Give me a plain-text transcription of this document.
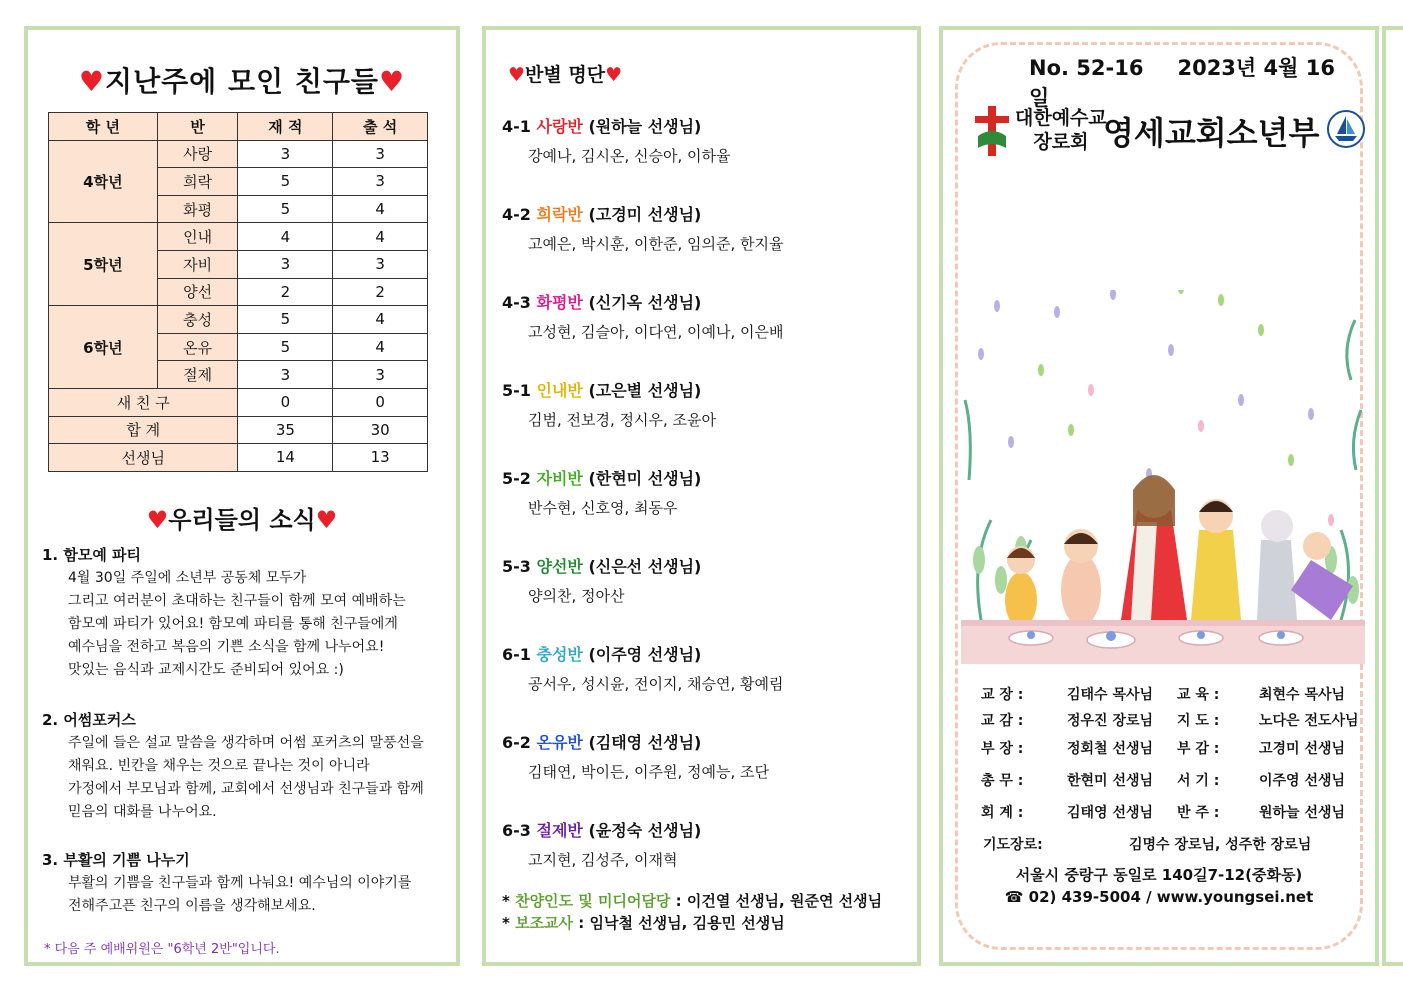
♥지난주에 모인 친구들♥
학 년	반	재 적	출 석
4학년	사랑	3	3
	희락	5	3
	화평	5	4
5학년	인내	4	4
	자비	3	3
	양선	2	2
6학년	충성	5	4
	온유	5	4
	절제	3	3
새 친 구		0	0
합 계		35	30
선생님		14	13
♥우리들의 소식♥
1. 함모예 파티
4월 30일 주일에 소년부 공동체 모두가
그리고 여러분이 초대하는 친구들이 함께 모여 예배하는
함모예 파티가 있어요! 함모예 파티를 통해 친구들에게
예수님을 전하고 복음의 기쁜 소식을 함께 나누어요!
맛있는 음식과 교제시간도 준비되어 있어요 :)
2. 어썸포커스
주일에 들은 설교 말씀을 생각하며 어썸 포커츠의 말풍선을
채워요. 빈칸을 채우는 것으로 끝나는 것이 아니라
가정에서 부모님과 함께, 교회에서 선생님과 친구들과 함께
믿음의 대화를 나누어요.
3. 부활의 기쁨 나누기
부활의 기쁨을 친구들과 함께 나눠요! 예수님의 이야기를
전해주고픈 친구의 이름을 생각해보세요.
* 다음 주 예배위원은 "6학년 2반"입니다.
♥반별 명단♥
4-1 사랑반 (원하늘 선생님)
강예나, 김시온, 신승아, 이하율
4-2 희락반 (고경미 선생님)
고예은, 박시훈, 이한준, 임의준, 한지율
4-3 화평반 (신기옥 선생님)
고성현, 김슬아, 이다연, 이예나, 이은배
5-1 인내반 (고은별 선생님)
김범, 전보경, 정시우, 조윤아
5-2 자비반 (한현미 선생님)
반수현, 신호영, 최동우
5-3 양선반 (신은선 선생님)
양의찬, 정아산
6-1 충성반 (이주영 선생님)
공서우, 성시윤, 전이지, 채승연, 황예림
6-2 온유반 (김태영 선생님)
김태연, 박이든, 이주원, 정예능, 조단
6-3 절제반 (윤정숙 선생님)
고지현, 김성주, 이재혁
* 찬양인도 및 미디어담당 : 이건열 선생님, 원준연 선생님
* 보조교사 : 임낙철 선생님, 김용민 선생님
No. 52-16 2023년 4월 16일
대한예수교
장로회 영세교회소년부
교 장 :	김태수 목사님	교 육 :	최현수 목사님
교 감 :	정우진 장로님	지 도 :	노다은 전도사님
부 장 :	정회철 선생님	부 감 :	고경미 선생님
총 무 :	한현미 선생님	서 기 :	이주영 선생님
회 계 :	김태영 선생님	반 주 :	원하늘 선생님
기도장로:	김명수 장로님, 성주한 장로님
서울시 중랑구 동일로 140길7-12(중화동)
☎ 02) 439-5004 / www.youngsei.net
